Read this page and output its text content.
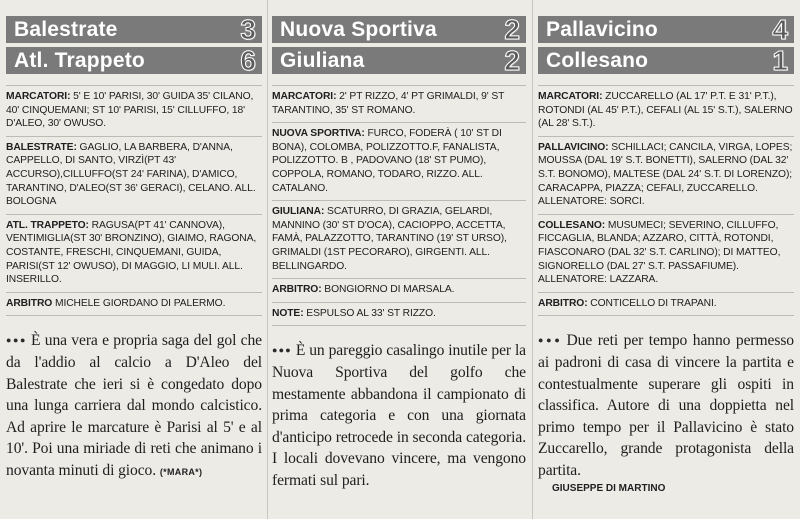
Balestrate	3
Atl. Trappeto	6
MARCATORI: 5' E 10' PARISI, 30' GUIDA 35' CILANO, 40' CINQUEMANI; ST 10' PARISI, 15' CILLUFFO, 18' D'ALEO, 30' OWUSO.
BALESTRATE: GAGLIO, LA BARBERA, D'ANNA, CAPPELLO, DI SANTO, VIRZÌ(PT 43' ACCURSO),CILLUFFO(ST 24' FARINA), D'AMICO, TARANTINO, D'ALEO(ST 36' GERACI), CELANO. ALL. BOLOGNA
ATL. TRAPPETO: RAGUSA(PT 41' CANNOVA), VENTIMIGLIA(ST 30' BRONZINO), GIAIMO, RAGONA, COSTANTE, FRESCHI, CINQUEMANI, GUIDA, PARISI(ST 12' OWUSO), DI MAGGIO, LI MULI. ALL. INSERILLO.
ARBITRO MICHELE GIORDANO DI PALERMO.
●●● È una vera e propria saga del gol che da l'addio al calcio a D'Aleo del Balestrate che ieri si è congedato dopo una lunga carriera dal mondo calcistico. Ad aprire le marcature è Parisi al 5' e al 10'. Poi una miriade di reti che animano i novanta minuti di gioco. (*MARA*)
Nuova Sportiva 2
Giuliana	2
MARCATORI: 2' PT RIZZO, 4' PT GRIMALDI, 9' ST TARANTINO, 35' ST ROMANO.
NUOVA SPORTIVA: FURCO, FODERÀ ( 10' ST DI BONA), COLOMBA, POLIZZOTTO.F, FANALISTA, POLIZZOTTO. B , PADOVANO (18' ST PUMO), COPPOLA, ROMANO, TODARO, RIZZO. ALL. CATALANO.
GIULIANA: SCATURRO, DI GRAZIA, GELARDI, MANNINO (30' ST D'OCA), CACIOPPO, ACCETTA, FAMÀ, PALAZZOTTO, TARANTINO (19' ST URSO), GRIMALDI (1ST PECORARO), GIRGENTI. ALL. BELLINGARDO.
ARBITRO: BONGIORNO DI MARSALA.
NOTE: ESPULSO AL 33' ST RIZZO.
●●● È un pareggio casalingo inutile per la Nuova Sportiva del golfo che mestamente abbandona il campionato di prima categoria e con una giornata d'anticipo retrocede in seconda categoria. I locali dovevano vincere, ma vengono fermati sul pari.
Pallavicino	4
Collesano	1
MARCATORI: ZUCCARELLO (AL 17' P.T. E 31' P.T.), ROTONDI (AL 45' P.T.), CEFALI (AL 15' S.T.), SALERNO (AL 28' S.T.).
PALLAVICINO: SCHILLACI; CANCILA, VIRGA, LOPES; MOUSSA (DAL 19' S.T. BONETTI), SALERNO (DAL 32' S.T. BONOMO), MALTESE (DAL 24' S.T. DI LORENZO); CARACAPPA, PIAZZA; CEFALI, ZUCCARELLO. ALLENATORE: SORCI.
COLLESANO: MUSUMECI; SEVERINO, CILLUFFO, FICCAGLIA, BLANDA; AZZARO, CITTÀ, ROTONDI, FIASCONARO (DAL 32' S.T. CARLINO); DI MATTEO, SIGNORELLO (DAL 27' S.T. PASSAFIUME). ALLENATORE: LAZZARA.
ARBITRO: CONTICELLO DI TRAPANI.
●●● Due reti per tempo hanno permesso ai padroni di casa di vincere la partita e contestualmente superare gli ospiti in classifica. Autore di una doppietta nel primo tempo per il Pallavicino è stato Zuccarello, grande protagonista della partita.
GIUSEPPE DI MARTINO
